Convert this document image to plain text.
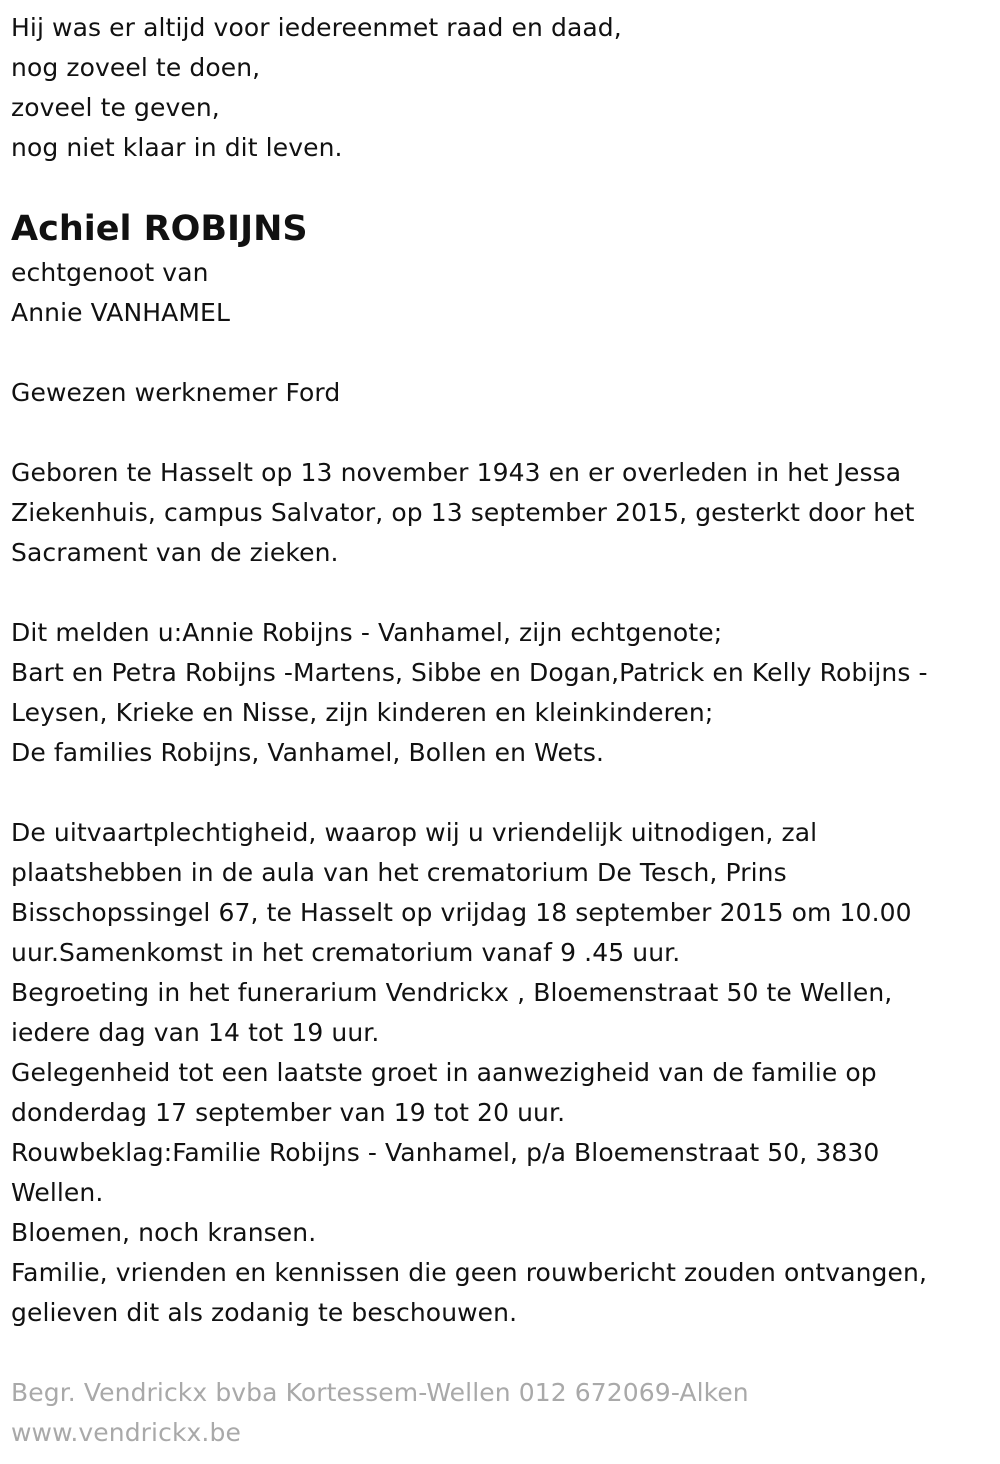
Hij was er altijd voor iedereenmet raad en daad,
nog zoveel te doen,
zoveel te geven,
nog niet klaar in dit leven.
Achiel ROBIJNS
echtgenoot van
Annie VANHAMEL
Gewezen werknemer Ford
Geboren te Hasselt op 13 november 1943 en er overleden in het Jessa
Ziekenhuis, campus Salvator, op 13 september 2015, gesterkt door het
Sacrament van de zieken.
Dit melden u:Annie Robijns - Vanhamel, zijn echtgenote;
Bart en Petra Robijns -Martens, Sibbe en Dogan,Patrick en Kelly Robijns -
Leysen, Krieke en Nisse, zijn kinderen en kleinkinderen;
De families Robijns, Vanhamel, Bollen en Wets.
De uitvaartplechtigheid, waarop wij u vriendelijk uitnodigen, zal
plaatshebben in de aula van het crematorium De Tesch, Prins
Bisschopssingel 67, te Hasselt op vrijdag 18 september 2015 om 10.00
uur.Samenkomst in het crematorium vanaf 9 .45 uur.
Begroeting in het funerarium Vendrickx , Bloemenstraat 50 te Wellen,
iedere dag van 14 tot 19 uur.
Gelegenheid tot een laatste groet in aanwezigheid van de familie op
donderdag 17 september van 19 tot 20 uur.
Rouwbeklag:Familie Robijns - Vanhamel, p/a Bloemenstraat 50, 3830
Wellen.
Bloemen, noch kransen.
Familie, vrienden en kennissen die geen rouwbericht zouden ontvangen,
gelieven dit als zodanig te beschouwen.
Begr. Vendrickx bvba Kortessem-Wellen 012 672069-Alken
www.vendrickx.be
